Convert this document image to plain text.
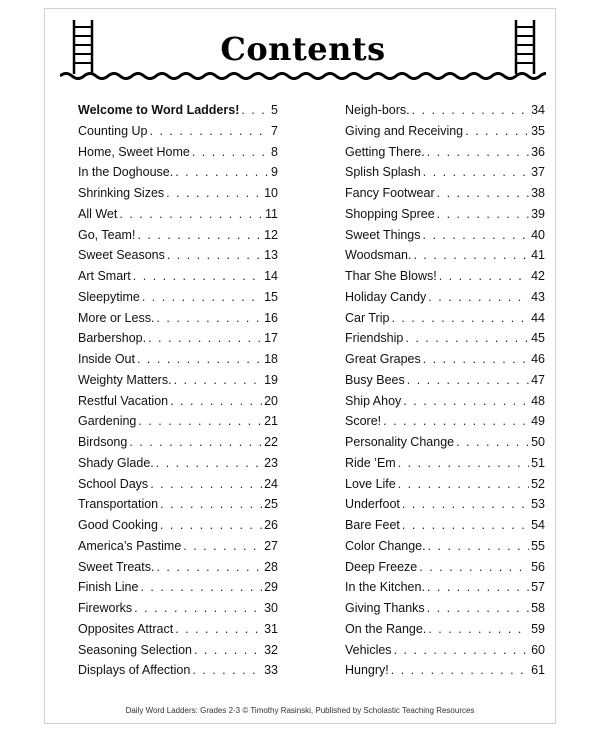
Contents
Welcome to Word Ladders! . . .	5
Counting Up . . .	7
Home, Sweet Home . . .	8
In the Doghouse. . . .	9
Shrinking Sizes . . .	10
All Wet . . .	11
Go, Team! . . .	12
Sweet Seasons . . .	13
Art Smart . . .	14
Sleepytime . . .	15
More or Less. . . .	16
Barbershop. . . .	17
Inside Out . . .	18
Weighty Matters. . . .	19
Restful Vacation . . .	20
Gardening . . .	21
Birdsong . . .	22
Shady Glade. . . .	23
School Days . . .	24
Transportation . . .	25
Good Cooking . . .	26
America’s Pastime . . .	27
Sweet Treats. . . .	28
Finish Line . . .	29
Fireworks . . .	30
Opposites Attract . . .	31
Seasoning Selection . . .	32
Displays of Affection . . .	33
Neigh-bors. . . .	34
Giving and Receiving . . .	35
Getting There. . . .	36
Splish Splash . . .	37
Fancy Footwear . . .	38
Shopping Spree . . .	39
Sweet Things . . .	40
Woodsman. . . .	41
Thar She Blows! . . .	42
Holiday Candy . . .	43
Car Trip . . .	44
Friendship . . .	45
Great Grapes . . .	46
Busy Bees . . .	47
Ship Ahoy . . .	48
Score! . . .	49
Personality Change . . .	50
Ride ’Em . . .	51
Love Life . . .	52
Underfoot . . .	53
Bare Feet . . .	54
Color Change. . . .	55
Deep Freeze . . .	56
In the Kitchen. . . .	57
Giving Thanks . . .	58
On the Range. . . .	59
Vehicles . . .	60
Hungry! . . .	61
Daily Word Ladders: Grades 2-3 © Timothy Rasinski, Published by Scholastic Teaching Resources
